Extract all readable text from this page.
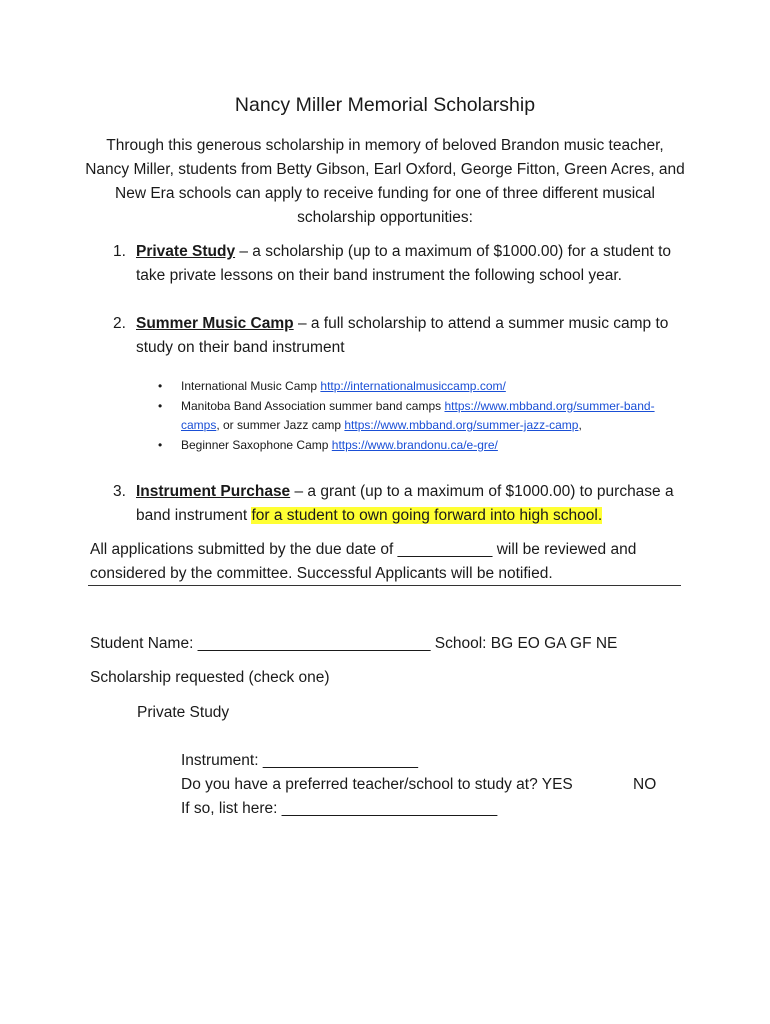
Nancy Miller Memorial Scholarship
Through this generous scholarship in memory of beloved Brandon music teacher, Nancy Miller, students from Betty Gibson, Earl Oxford, George Fitton, Green Acres, and New Era schools can apply to receive funding for one of three different musical scholarship opportunities:
1. Private Study – a scholarship (up to a maximum of $1000.00) for a student to take private lessons on their band instrument the following school year.
2. Summer Music Camp – a full scholarship to attend a summer music camp to study on their band instrument
• International Music Camp http://internationalmusiccamp.com/
• Manitoba Band Association summer band camps https://www.mbband.org/summer-band-camps, or summer Jazz camp https://www.mbband.org/summer-jazz-camp,
• Beginner Saxophone Camp https://www.brandonu.ca/e-gre/
3. Instrument Purchase – a grant (up to a maximum of $1000.00) to purchase a band instrument for a student to own going forward into high school.
All applications submitted by the due date of ___________ will be reviewed and considered by the committee. Successful Applicants will be notified.
Student Name: ___________________________ School: BG EO GA GF NE
Scholarship requested (check one)
Private Study
Instrument: __________________
Do you have a preferred teacher/school to study at? YES	NO
If so, list here: _________________________
